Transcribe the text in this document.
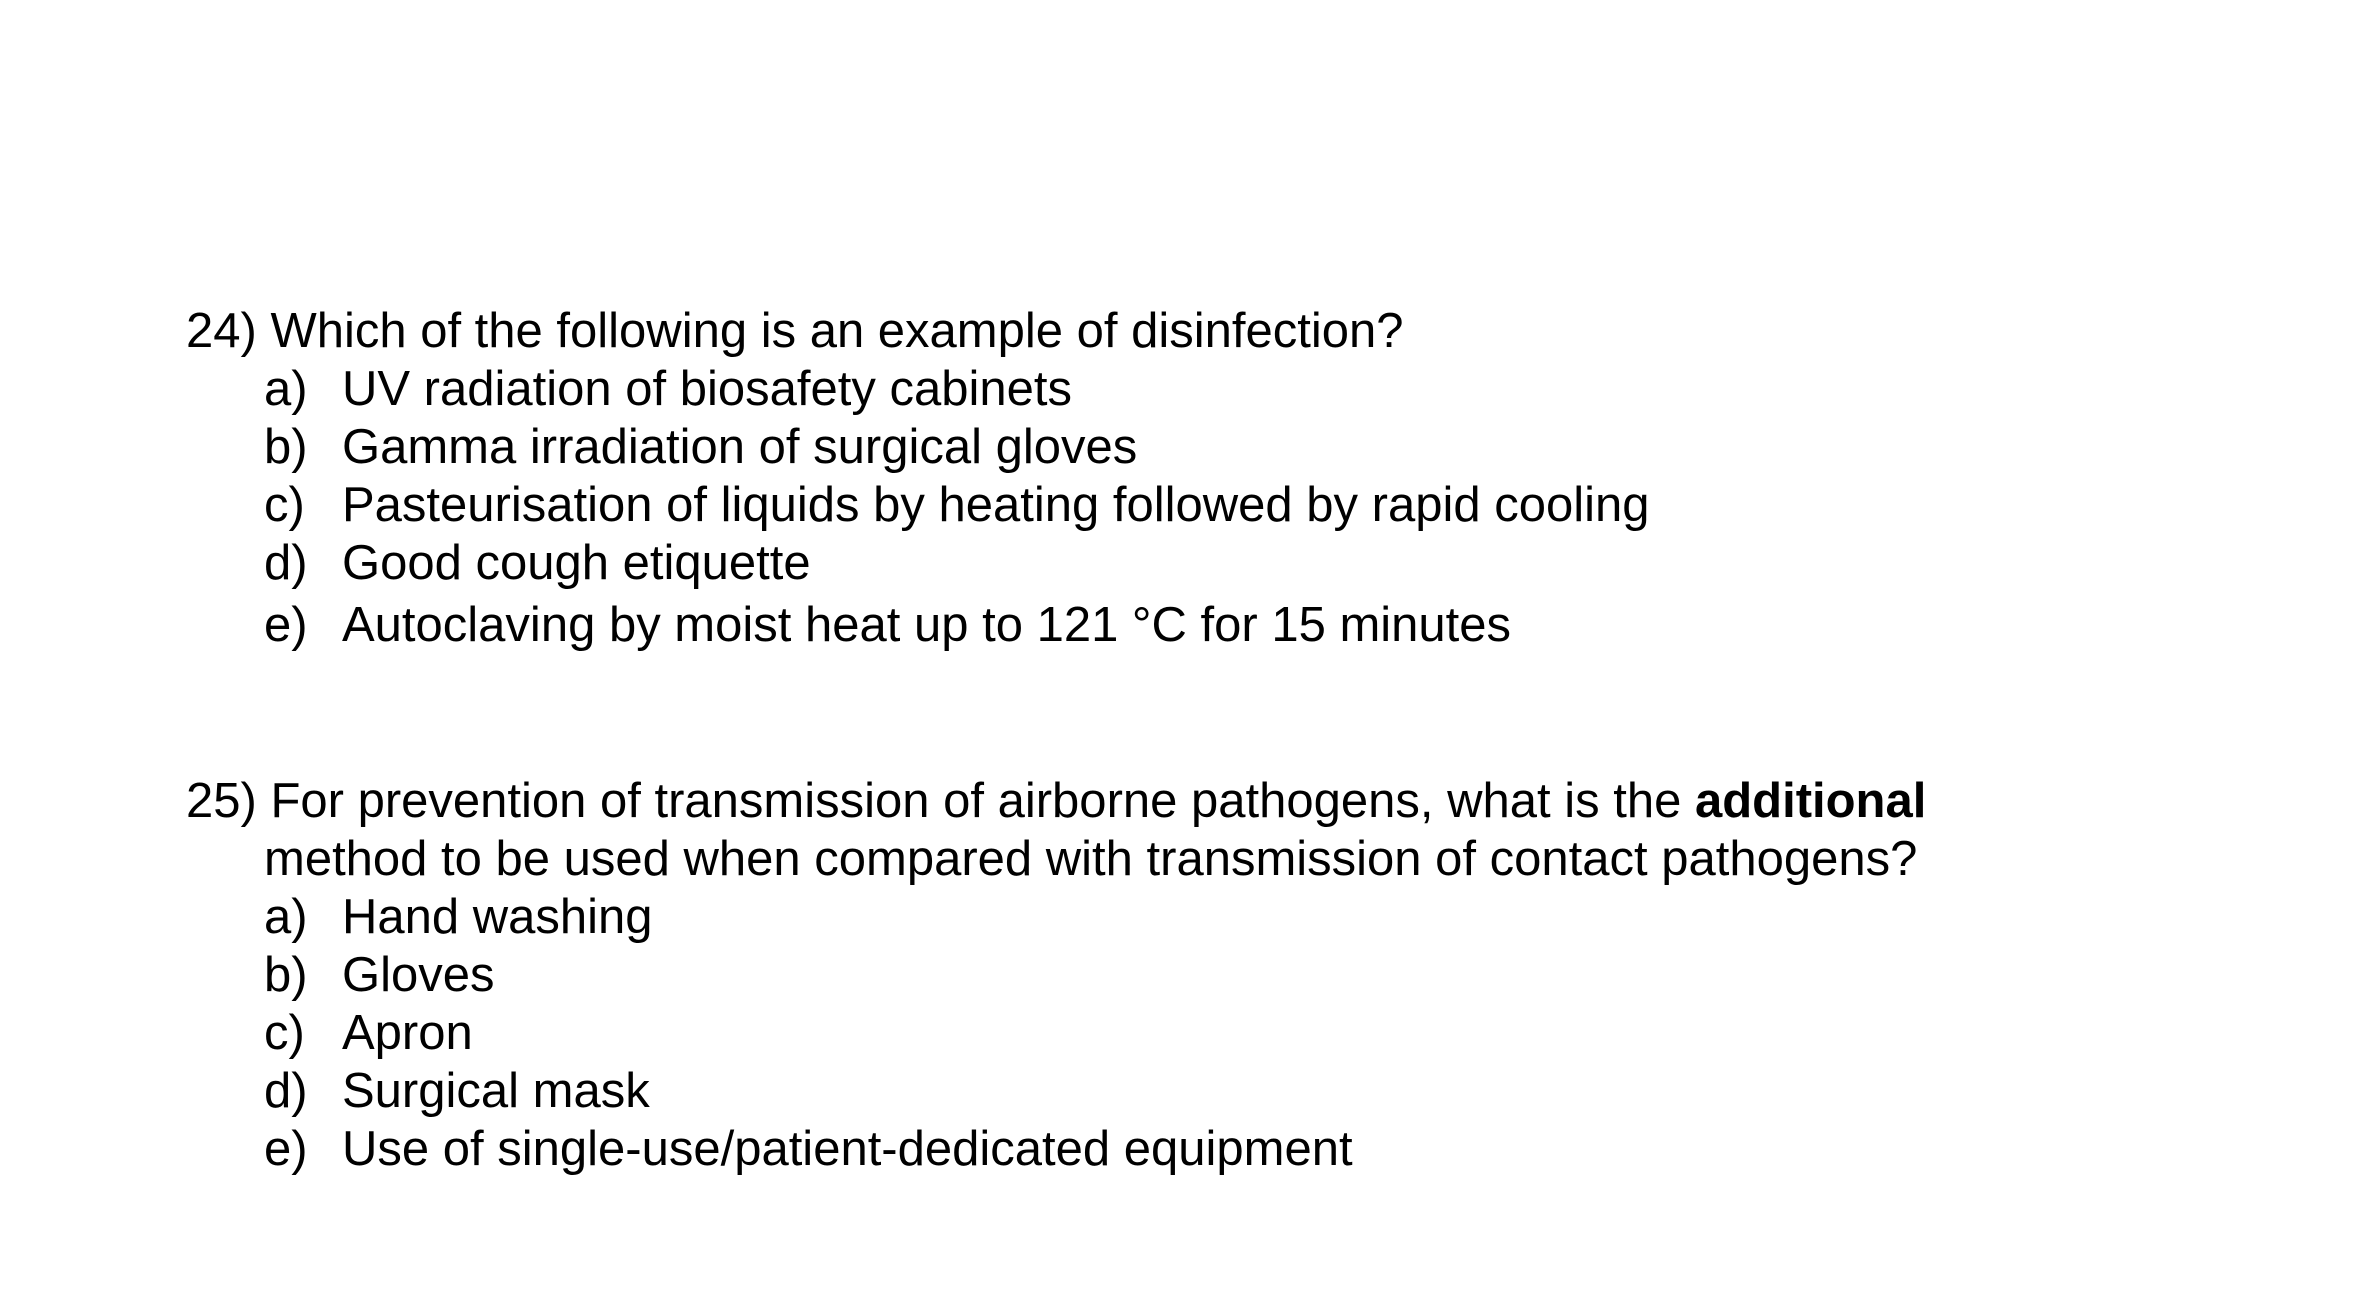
24) Which of the following is an example of disinfection?
a) UV radiation of biosafety cabinets
b) Gamma irradiation of surgical gloves
c) Pasteurisation of liquids by heating followed by rapid cooling
d) Good cough etiquette
e) Autoclaving by moist heat up to 121 °C for 15 minutes
25) For prevention of transmission of airborne pathogens, what is the additional
method to be used when compared with transmission of contact pathogens?
a) Hand washing
b) Gloves
c) Apron
d) Surgical mask
e) Use of single-use/patient-dedicated equipment
